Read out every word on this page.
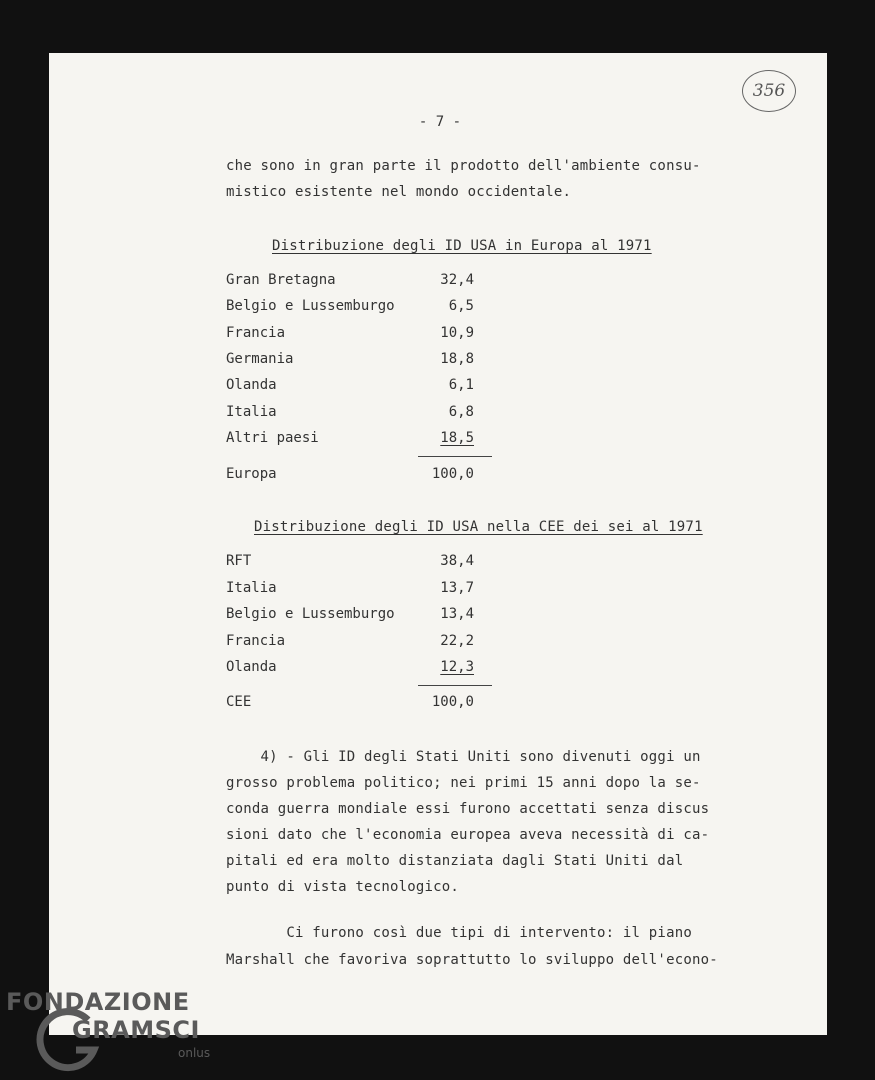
356
- 7 -
che sono in gran parte il prodotto dell'ambiente consu-
mistico esistente nel mondo occidentale.
Distribuzione degli ID USA in Europa al 1971
Gran Bretagna	32,4
Belgio e Lussemburgo	6,5
Francia	10,9
Germania	18,8
Olanda	6,1
Italia	6,8
Altri paesi	18,5
Europa	100,0
Distribuzione degli ID USA nella CEE dei sei al 1971
RFT	38,4
Italia	13,7
Belgio e Lussemburgo	13,4
Francia	22,2
Olanda	12,3
CEE	100,0
4) - Gli ID degli Stati Uniti sono divenuti oggi un
grosso problema politico; nei primi 15 anni dopo la se-
conda guerra mondiale essi furono accettati senza discus
sioni dato che l'economia europea aveva necessità di ca-
pitali ed era molto distanziata dagli Stati Uniti dal
punto di vista tecnologico.
Ci furono così due tipi di intervento: il piano
Marshall che favoriva soprattutto lo sviluppo dell'econo-
FONDAZIONE
GRAMSCI
onlus
